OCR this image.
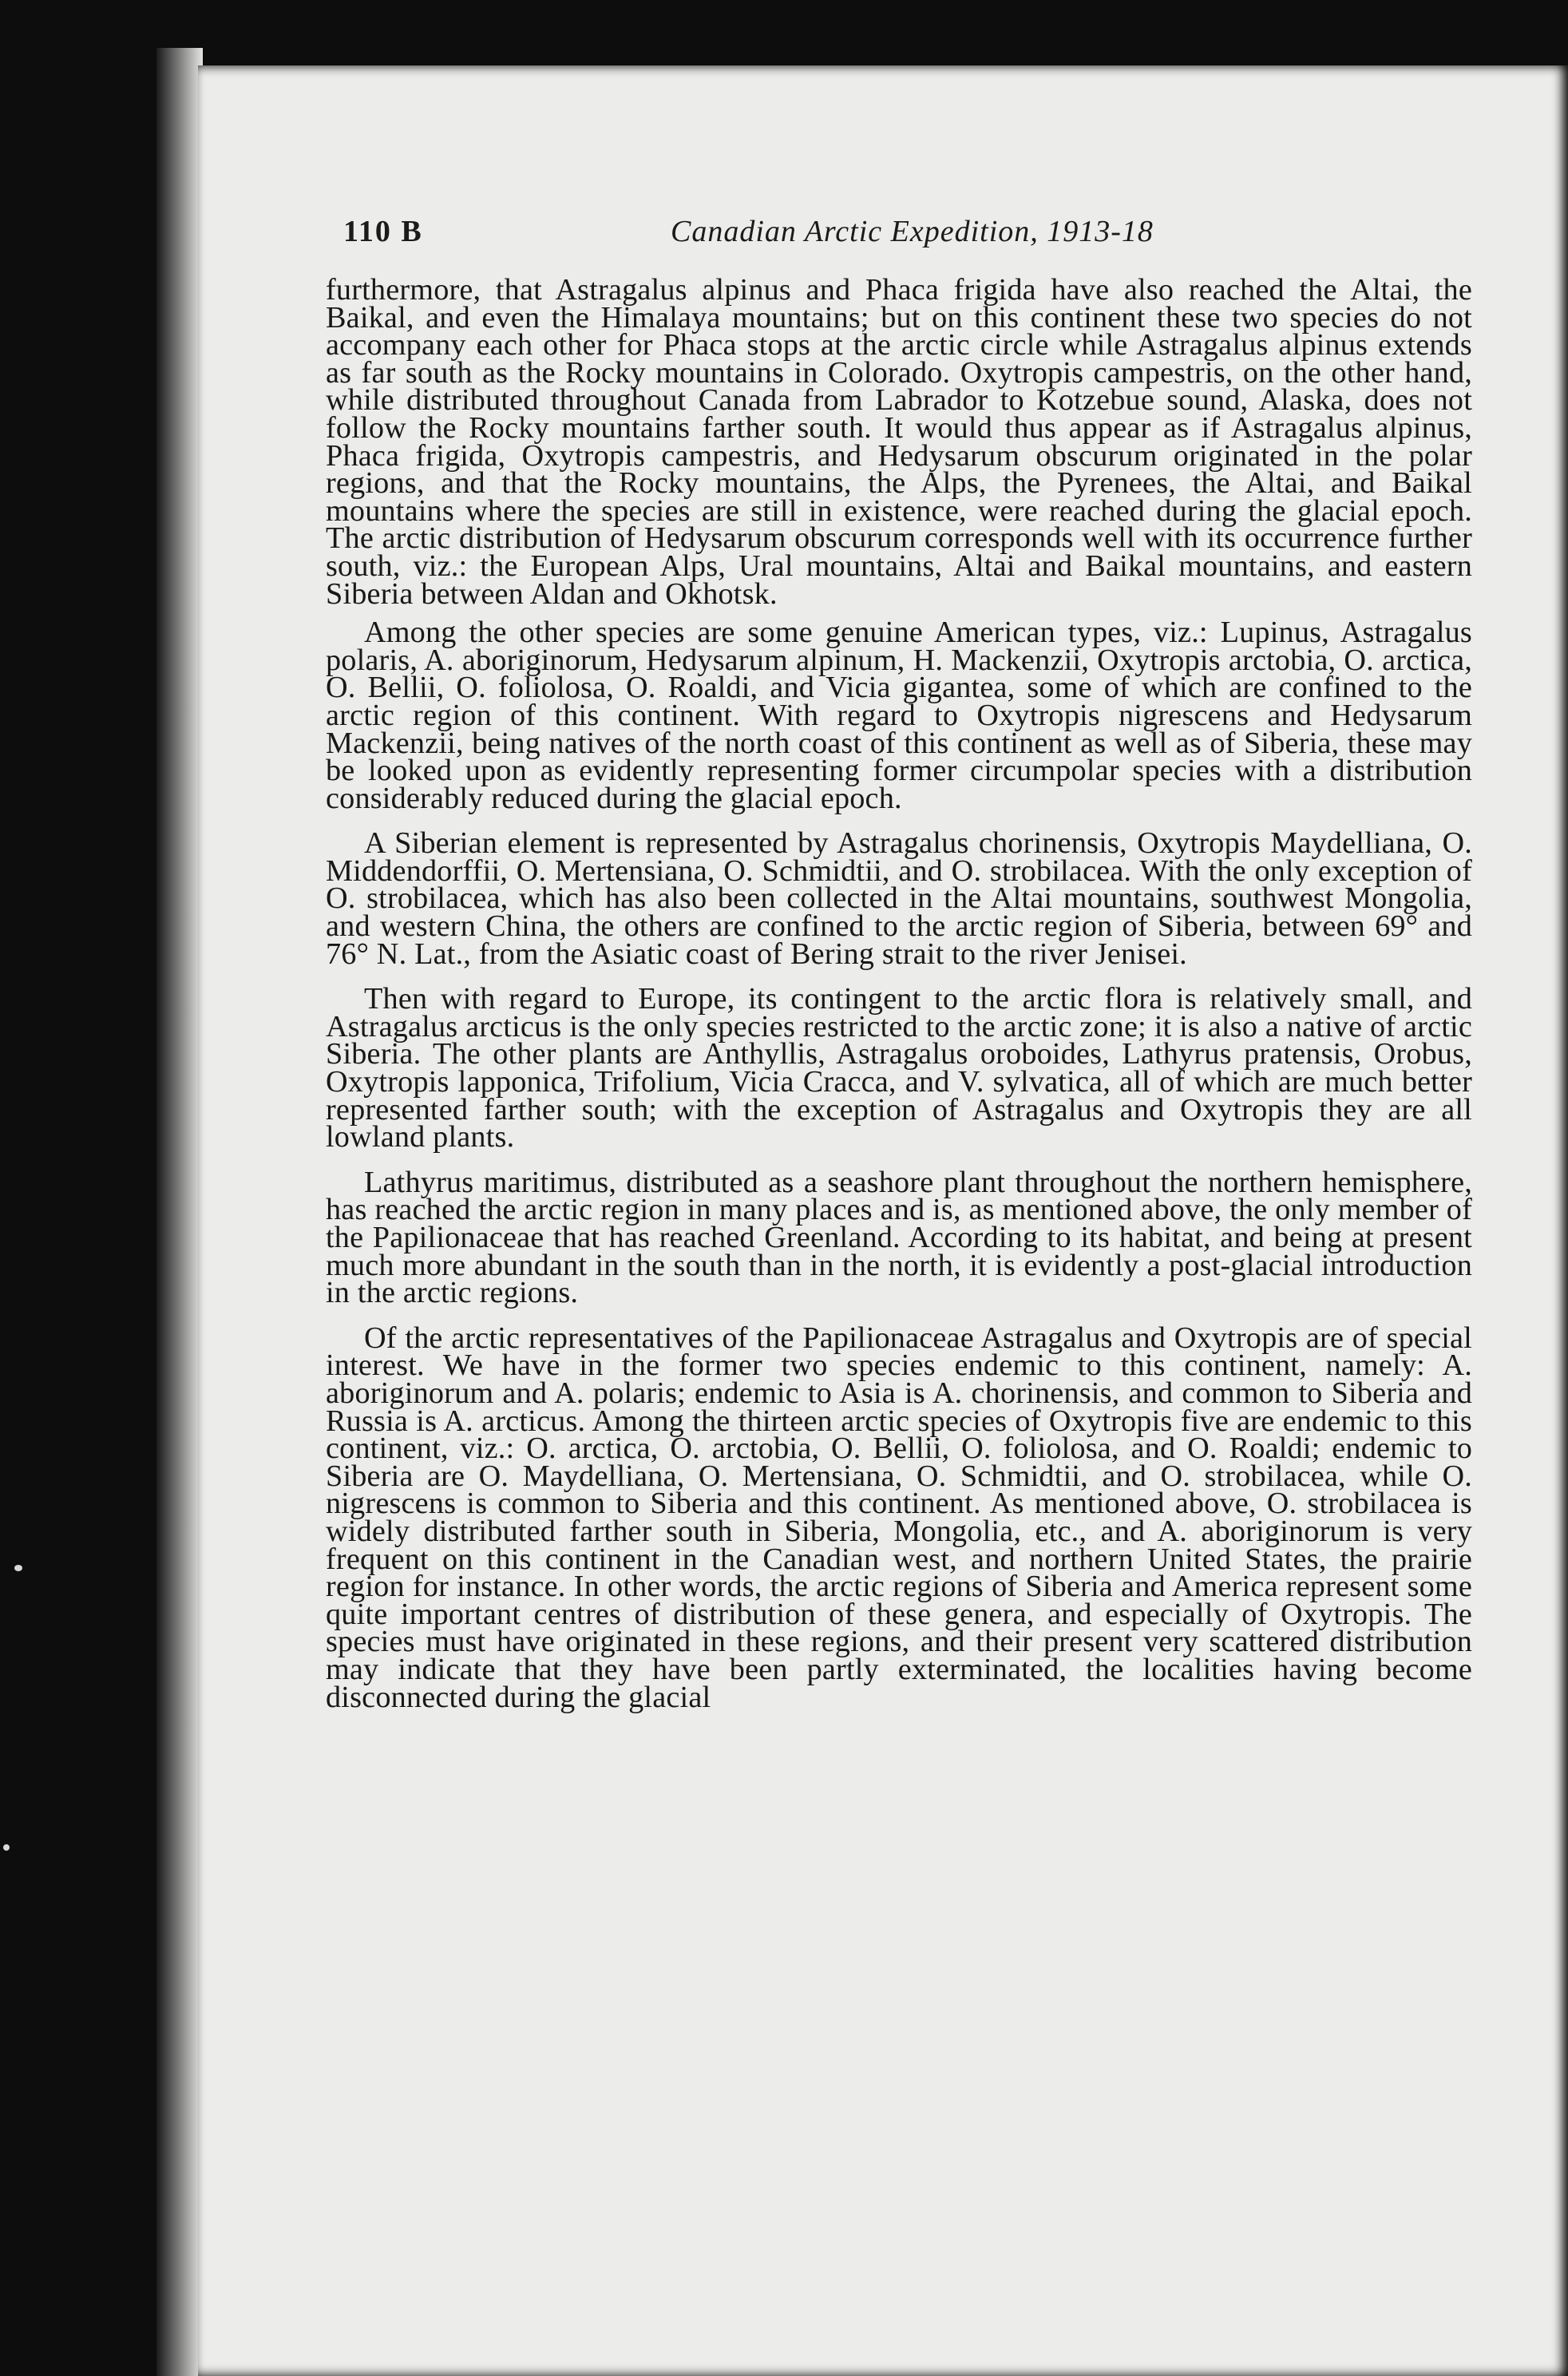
110 B	Canadian Arctic Expedition, 1913-18

furthermore, that Astragalus alpinus and Phaca frigida have also reached the Altai, the Baikal, and even the Himalaya mountains; but on this continent these two species do not accompany each other for Phaca stops at the arctic circle while Astragalus alpinus extends as far south as the Rocky mountains in Colorado. Oxytropis campestris, on the other hand, while distributed throughout Canada from Labrador to Kotzebue sound, Alaska, does not follow the Rocky mountains farther south. It would thus appear as if Astragalus alpinus, Phaca frigida, Oxytropis campestris, and Hedysarum obscurum originated in the polar regions, and that the Rocky mountains, the Alps, the Pyrenees, the Altai, and Baikal mountains where the species are still in existence, were reached during the glacial epoch. The arctic distribution of Hedysarum obscurum corresponds well with its occurrence further south, viz.: the European Alps, Ural mountains, Altai and Baikal mountains, and eastern Siberia between Aldan and Okhotsk.

Among the other species are some genuine American types, viz.: Lupinus, Astragalus polaris, A. aboriginorum, Hedysarum alpinum, H. Mackenzii, Oxytropis arctobia, O. arctica, O. Bellii, O. foliolosa, O. Roaldi, and Vicia gigantea, some of which are confined to the arctic region of this continent. With regard to Oxytropis nigrescens and Hedysarum Mackenzii, being natives of the north coast of this continent as well as of Siberia, these may be looked upon as evidently representing former circumpolar species with a distribution considerably reduced during the glacial epoch.

A Siberian element is represented by Astragalus chorinensis, Oxytropis Maydelliana, O. Middendorffii, O. Mertensiana, O. Schmidtii, and O. strobilacea. With the only exception of O. strobilacea, which has also been collected in the Altai mountains, southwest Mongolia, and western China, the others are confined to the arctic region of Siberia, between 69° and 76° N. Lat., from the Asiatic coast of Bering strait to the river Jenisei.

Then with regard to Europe, its contingent to the arctic flora is relatively small, and Astragalus arcticus is the only species restricted to the arctic zone; it is also a native of arctic Siberia. The other plants are Anthyllis, Astragalus oroboides, Lathyrus pratensis, Orobus, Oxytropis lapponica, Trifolium, Vicia Cracca, and V. sylvatica, all of which are much better represented farther south; with the exception of Astragalus and Oxytropis they are all lowland plants.

Lathyrus maritimus, distributed as a seashore plant throughout the northern hemisphere, has reached the arctic region in many places and is, as mentioned above, the only member of the Papilionaceae that has reached Greenland. According to its habitat, and being at present much more abundant in the south than in the north, it is evidently a post-glacial introduction in the arctic regions.

Of the arctic representatives of the Papilionaceae Astragalus and Oxytropis are of special interest. We have in the former two species endemic to this continent, namely: A. aboriginorum and A. polaris; endemic to Asia is A. chorinensis, and common to Siberia and Russia is A. arcticus. Among the thirteen arctic species of Oxytropis five are endemic to this continent, viz.: O. arctica, O. arctobia, O. Bellii, O. foliolosa, and O. Roaldi; endemic to Siberia are O. Maydelliana, O. Mertensiana, O. Schmidtii, and O. strobilacea, while O. nigrescens is common to Siberia and this continent. As mentioned above, O. strobilacea is widely distributed farther south in Siberia, Mongolia, etc., and A. aboriginorum is very frequent on this continent in the Canadian west, and northern United States, the prairie region for instance. In other words, the arctic regions of Siberia and America represent some quite important centres of distribution of these genera, and especially of Oxytropis. The species must have originated in these regions, and their present very scattered distribution may indicate that they have been partly exterminated, the localities having become disconnected during the glacial
